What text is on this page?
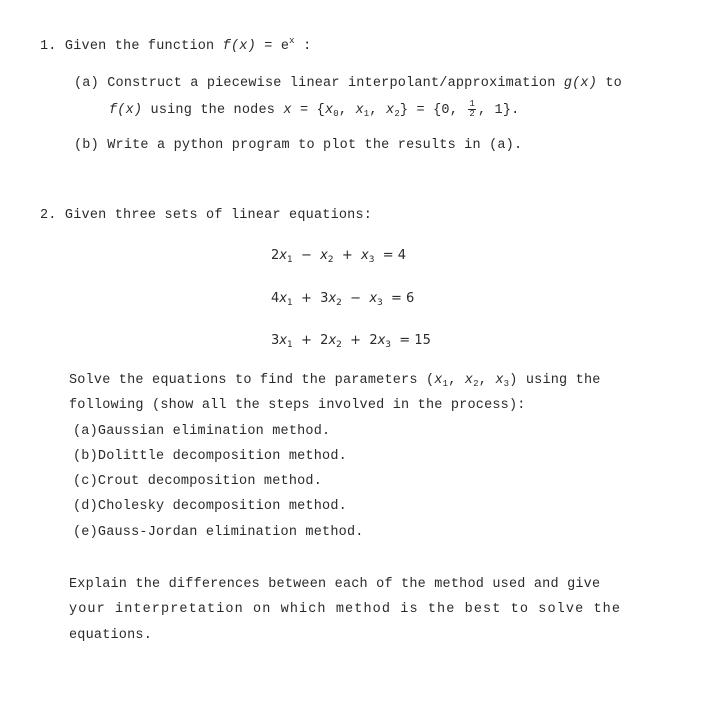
1. Given the function $f(x) = e^x$ :
(a) Construct a piecewise linear interpolant/approximation g(x) to
f(x) using the nodes $x = \{x_0$, $x_1$, $x_2\} = \{0$, $\frac{1}{2}$ , 1}.
(b) Write a python program to plot the results in (a).
2. Given three sets of linear equations:
$2x_1 - x_2 + x_3 = 4$
$4x_1 + 3x_2 - x_3 = 6$
$3x_1 + 2x_2 + 2x_3 = 15$
Solve the equations to find the parameters ($x_1$, $x_2$, $x_3$) using the
following (show all the steps involved in the process):
(a)Gaussian elimination method.
(b)Dolittle decomposition method.
(c)Crout decomposition method.
(d)Cholesky decomposition method.
(e)Gauss-Jordan elimination method.
Explain the differences between each of the method used and give
your interpretation on which method is the best to solve the
equations.
